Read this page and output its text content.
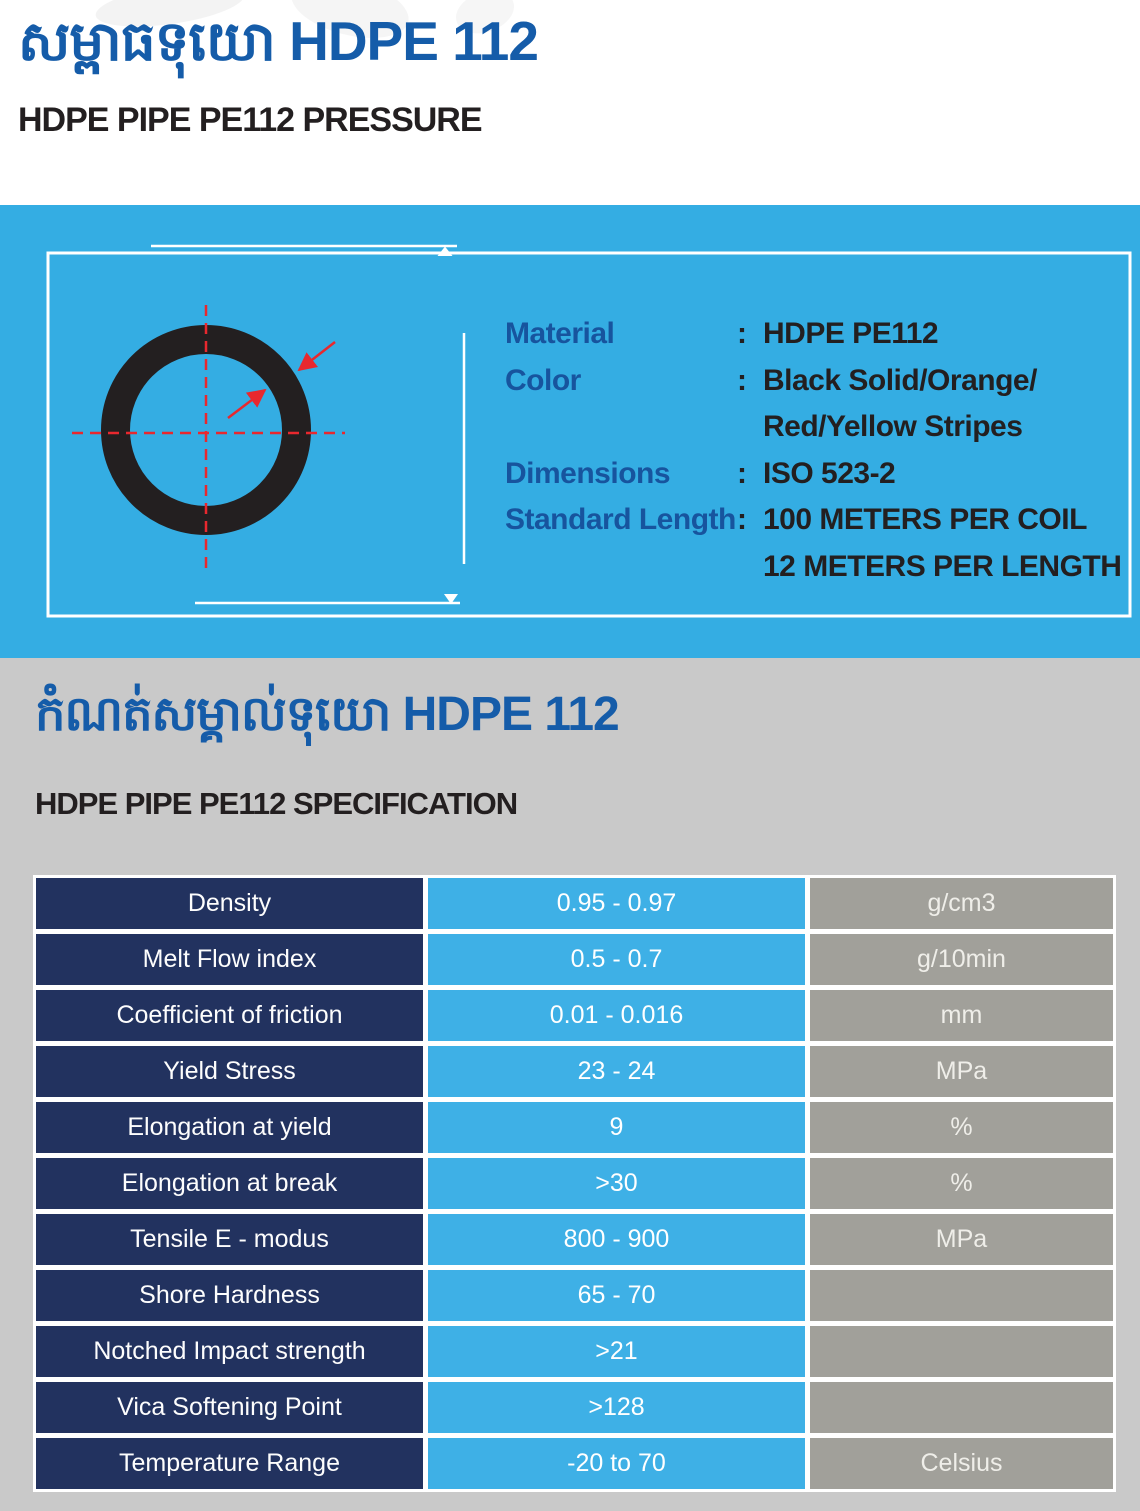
សម្ពាធទុយោ HDPE 112
HDPE PIPE PE112 PRESSURE
Material	: HDPE PE112
Color	: Black Solid/Orange/
Red/Yellow Stripes
Dimensions	: ISO 523-2
Standard Length : 100 METERS PER COIL
12 METERS PER LENGTH
កំណត់សម្គាល់ទុយោ HDPE 112
HDPE PIPE PE112 SPECIFICATION
Density	0.95 - 0.97	g/cm3
Melt Flow index	0.5 - 0.7	g/10min
Coefficient of friction	0.01 - 0.016	mm
Yield Stress	23 - 24	MPa
Elongation at yield	9	%
Elongation at break	>30	%
Tensile E - modus	800 - 900	MPa
Shore Hardness	65 - 70
Notched Impact strength	>21
Vica Softening Point	>128
Temperature Range	-20 to 70	Celsius
